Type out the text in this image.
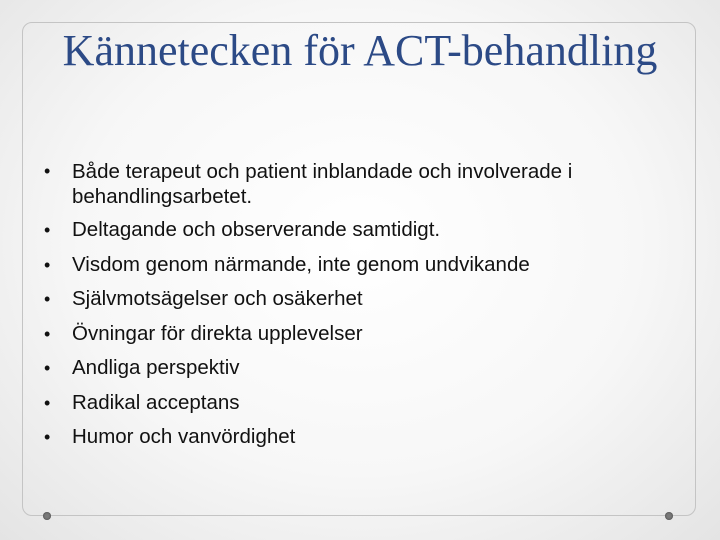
Kännetecken för ACT-behandling
• Både terapeut och patient inblandade och involverade i behandlingsarbetet.
• Deltagande och observerande samtidigt.
• Visdom genom närmande, inte genom undvikande
• Självmotsägelser och osäkerhet
• Övningar för direkta upplevelser
• Andliga perspektiv
• Radikal acceptans
• Humor och vanvördighet
